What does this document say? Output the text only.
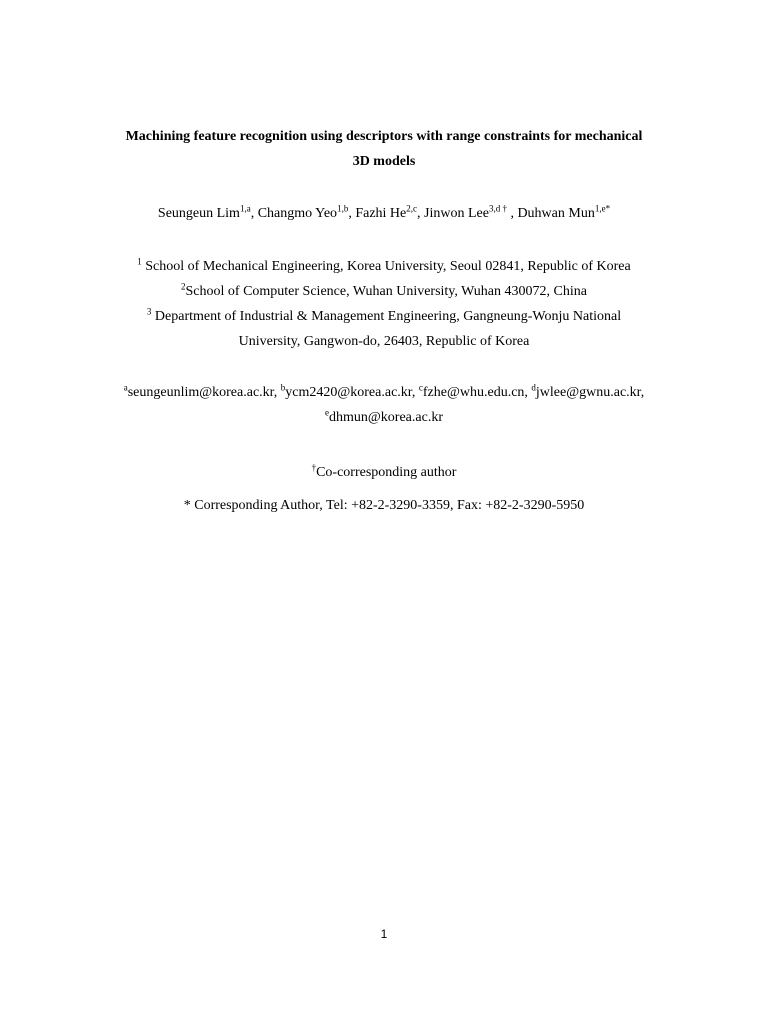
Machining feature recognition using descriptors with range constraints for mechanical
3D models
Seungeun Lim$^{1,a}$, Changmo Yeo$^{1,b}$, Fazhi He$^{2,c}$, Jinwon Lee$^{3,d \dagger}$ , Duhwan Mun$^{1,e*}$
$^1$ School of Mechanical Engineering, Korea University, Seoul 02841, Republic of Korea
$^2$School of Computer Science, Wuhan University, Wuhan 430072, China
$^3$ Department of Industrial & Management Engineering, Gangneung-Wonju National
University, Gangwon-do, 26403, Republic of Korea
$^a$seungeunlim@korea.ac.kr, $^b$ycm2420@korea.ac.kr, $^c$fzhe@whu.edu.cn, $^d$jwlee@gwnu.ac.kr,
$^e$dhmun@korea.ac.kr
†Co-corresponding author
* Corresponding Author, Tel: +82-2-3290-3359, Fax: +82-2-3290-5950
1
